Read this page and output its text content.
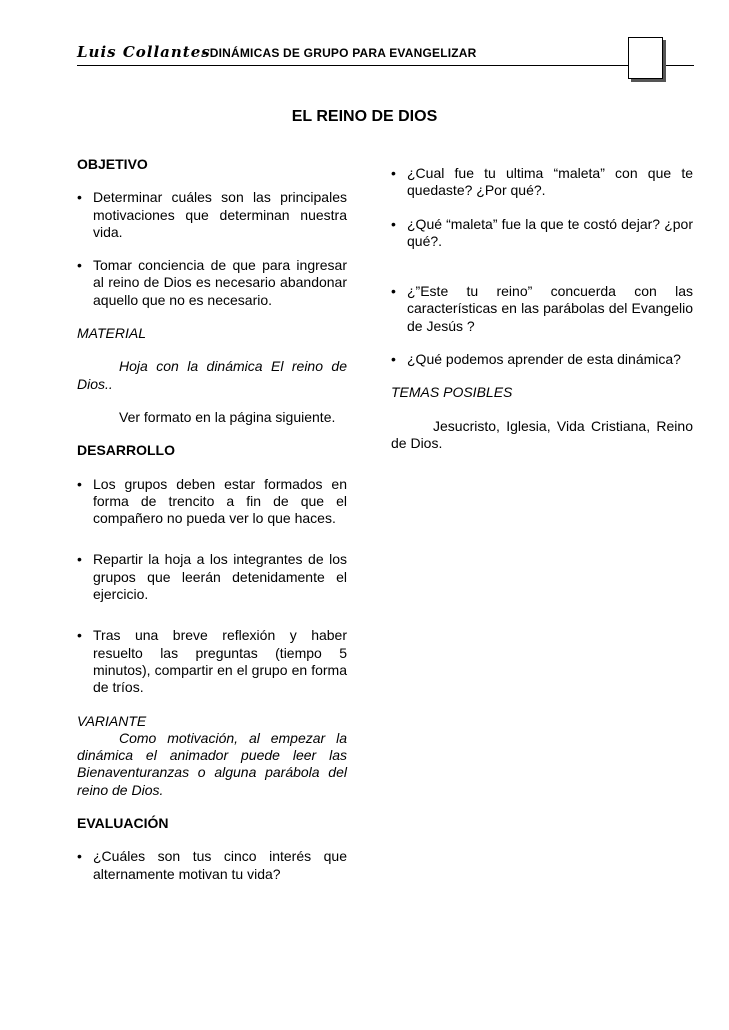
Luis Collantes
- DINÁMICAS DE GRUPO PARA EVANGELIZAR
EL REINO DE DIOS

OBJETIVO

• Determinar cuáles son las principales motivaciones que determinan nuestra vida.
• Tomar conciencia de que para ingresar al reino de Dios es necesario abandonar aquello que no es necesario.

MATERIAL

Hoja con la dinámica El reino de Dios..

Ver formato en la página siguiente.

DESARROLLO

• Los grupos deben estar formados en forma de trencito a fin de que el compañero no pueda ver lo que haces.
• Repartir la hoja a los integrantes de los grupos que leerán detenidamente el ejercicio.
• Tras una breve reflexión y haber resuelto las preguntas (tiempo 5 minutos), compartir en el grupo en forma de tríos.

VARIANTE

Como motivación, al empezar la dinámica el animador puede leer las Bienaventuranzas o alguna parábola del reino de Dios.

EVALUACIÓN

• ¿Cuáles son tus cinco interés que alternamente motivan tu vida?
• ¿Cual fue tu ultima “maleta” con que te quedaste? ¿Por qué?.
• ¿Qué “maleta” fue la que te costó dejar? ¿por qué?.
• ¿”Este tu reino” concuerda con las características en las parábolas del Evangelio de Jesús ?
• ¿Qué podemos aprender de esta dinámica?

TEMAS POSIBLES

Jesucristo, Iglesia, Vida Cristiana, Reino de Dios.
